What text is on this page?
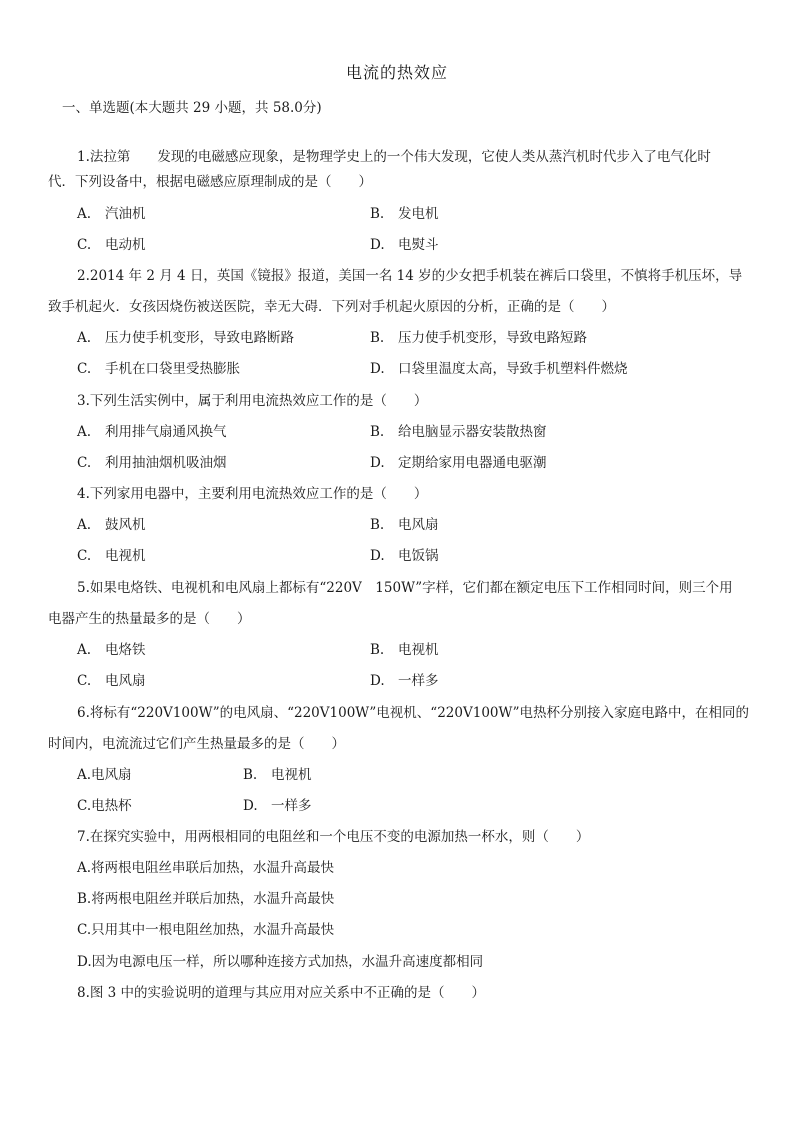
电流的热效应
一、单选题(本大题共 29 小题，共 58.0分)
1.法拉第　　发现的电磁感应现象，是物理学史上的一个伟大发现，它使人类从蒸汽机时代步入了电气化时
代．下列设备中，根据电磁感应原理制成的是（　　）
A. 汽油机	B. 发电机
C. 电动机	D. 电熨斗
2.2014 年 2 月 4 日，英国《镜报》报道，美国一名 14 岁的少女把手机装在裤后口袋里，不慎将手机压坏，导
致手机起火．女孩因烧伤被送医院，幸无大碍．下列对手机起火原因的分析，正确的是（　　）
A. 压力使手机变形，导致电路断路	B. 压力使手机变形，导致电路短路
C. 手机在口袋里受热膨胀	D. 口袋里温度太高，导致手机塑料件燃烧
3.下列生活实例中，属于利用电流热效应工作的是（　　）
A. 利用排气扇通风换气	B. 给电脑显示器安装散热窗
C. 利用抽油烟机吸油烟	D. 定期给家用电器通电驱潮
4.下列家用电器中，主要利用电流热效应工作的是（　　）
A. 鼓风机	B. 电风扇
C. 电视机	D. 电饭锅
5.如果电烙铁、电视机和电风扇上都标有“220V　150W”字样，它们都在额定电压下工作相同时间，则三个用
电器产生的热量最多的是（　　）
A. 电烙铁	B. 电视机
C. 电风扇	D. 一样多
6.将标有“220V100W”的电风扇、“220V100W”电视机、“220V100W”电热杯分别接入家庭电路中，在相同的
时间内，电流流过它们产生热量最多的是（　　）
A.电风扇	B. 电视机
C.电热杯	D. 一样多
7.在探究实验中，用两根相同的电阻丝和一个电压不变的电源加热一杯水，则（　　）
A.将两根电阻丝串联后加热，水温升高最快
B.将两根电阻丝并联后加热，水温升高最快
C.只用其中一根电阻丝加热，水温升高最快
D.因为电源电压一样，所以哪种连接方式加热，水温升高速度都相同
8.图 3 中的实验说明的道理与其应用对应关系中不正确的是（　　）
